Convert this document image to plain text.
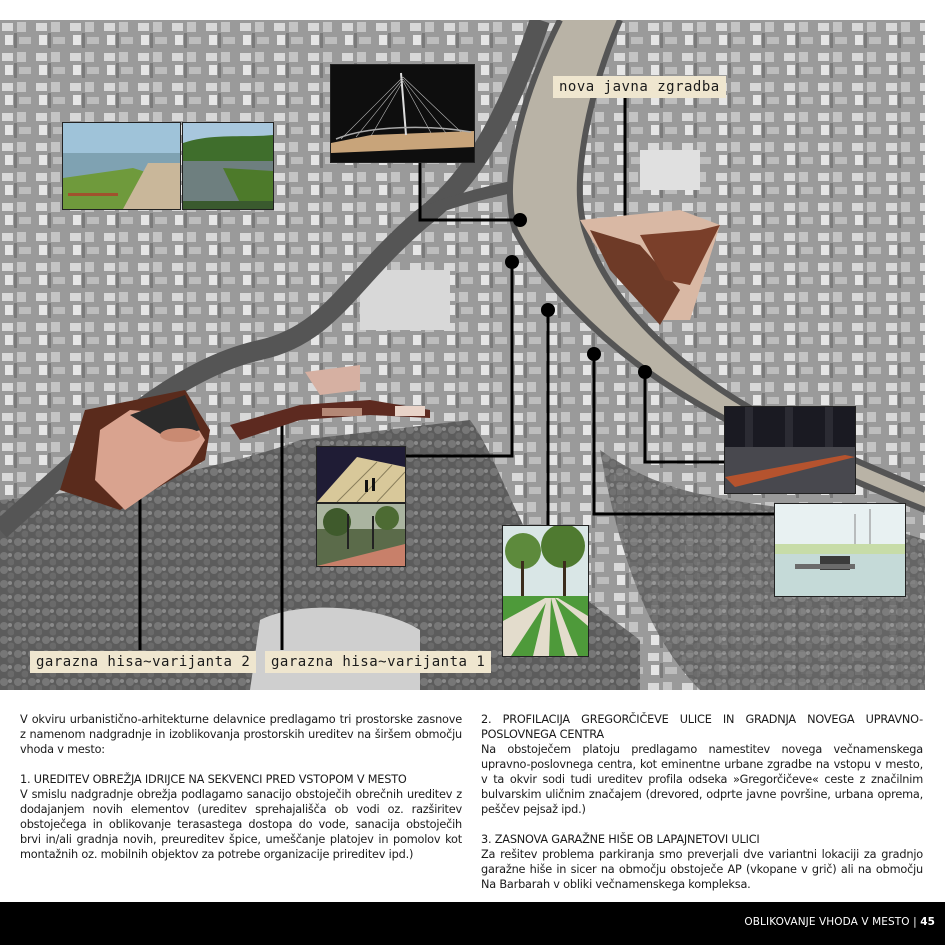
nova javna zgradba
garazna hisa~varijanta 2	garazna hisa~varijanta 1

V okviru urbanistično-arhitekturne delavnice predlagamo tri prostorske zasnove z namenom nadgradnje in izoblikovanja prostorskih ureditev na širšem območju vhoda v mesto:

1. UREDITEV OBREŽJA IDRIJCE NA SEKVENCI PRED VSTOPOM V MESTO
V smislu nadgradnje obrežja podlagamo sanacijo obstoječih obrečnih ureditev z dodajanjem novih elementov (ureditev sprehajališča ob vodi oz. razširitev obstoječega in oblikovanje terasastega dostopa do vode, sanacija obstoječih brvi in/ali gradnja novih, preureditev špice, umeščanje platojev in pomolov kot montažnih oz. mobilnih objektov za potrebe organizacije prireditev ipd.)
2. PROFILACIJA GREGORČIČEVE ULICE IN GRADNJA NOVEGA UPRAVNO-POSLOVNEGA CENTRA

Na obstoječem platoju predlagamo namestitev novega večnamenskega upravno-poslovnega centra, kot eminentne urbane zgradbe na vstopu v mesto, v ta okvir sodi tudi ureditev profila odseka »Gregorčičeve« ceste z značilnim bulvarskim uličnim značajem (drevored, odprte javne površine, urbana oprema, peščev pejsaž ipd.)

3. ZASNOVA GARAŽNE HIŠE OB LAPAJNETOVI ULICI
Za rešitev problema parkiranja smo preverjali dve variantni lokaciji za gradnjo garažne hiše in sicer na območju obstoječe AP (vkopane v grič) ali na območju Na Barbarah v obliki večnamenskega kompleksa.
OBLIKOVANJE VHODA V MESTO | 45
